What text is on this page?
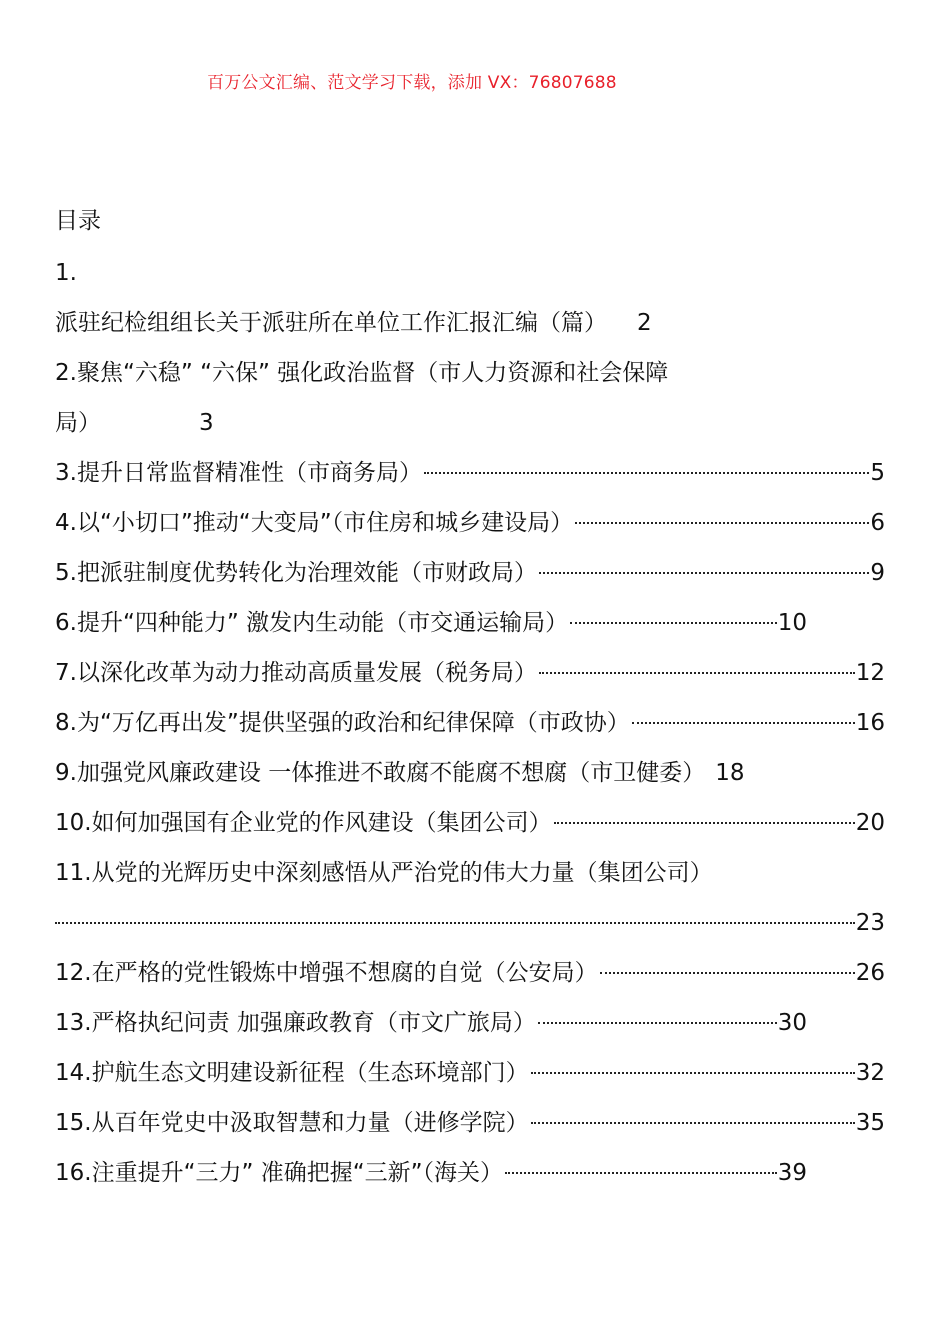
百万公文汇编、范文学习下载，添加 VX：76807688
目录
1.
派驻纪检组组长关于派驻所在单位工作汇报汇编（篇） 2
2.聚焦“六稳” “六保” 强化政治监督（市人力资源和社会保障
局）	3
3.提升日常监督精准性（市商务局）	5
4.以“小切口”推动“大变局”（市住房和城乡建设局）	6
5.把派驻制度优势转化为治理效能（市财政局）	9
6.提升“四种能力” 激发内生动能（市交通运输局）	10
7.以深化改革为动力推动高质量发展（税务局）	12
8.为“万亿再出发”提供坚强的政治和纪律保障（市政协）	16
9.加强党风廉政建设 一体推进不敢腐不能腐不想腐（市卫健委） 18
10.如何加强国有企业党的作风建设（集团公司）	20
11.从党的光辉历史中深刻感悟从严治党的伟大力量（集团公司）
23
12.在严格的党性锻炼中增强不想腐的自觉（公安局）	26
13.严格执纪问责 加强廉政教育（市文广旅局）	30
14.护航生态文明建设新征程（生态环境部门）	32
15.从百年党史中汲取智慧和力量（进修学院）	35
16.注重提升“三力” 准确把握“三新”（海关）	39
